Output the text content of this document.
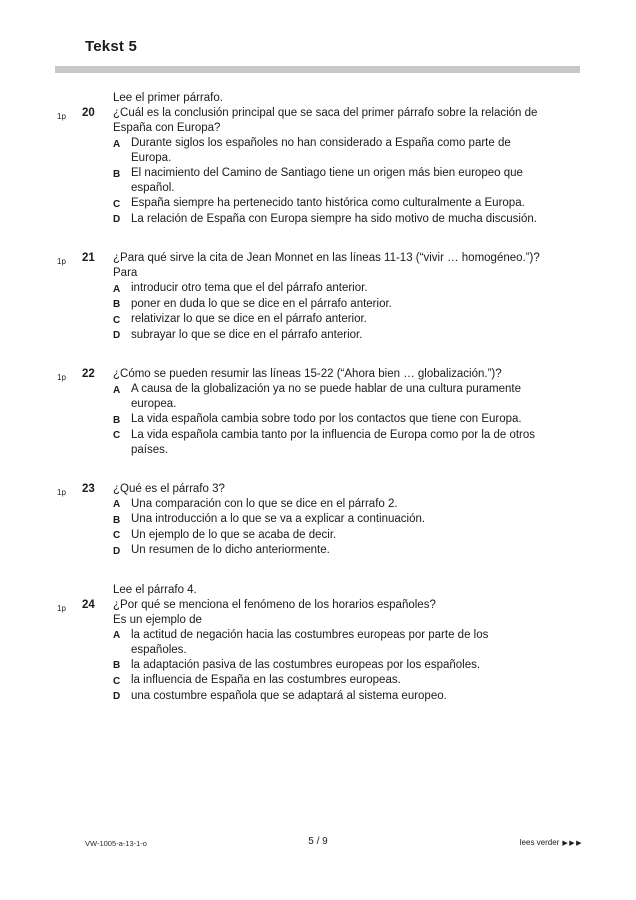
Tekst 5
Lee el primer párrafo.
1p	20	¿Cuál es la conclusión principal que se saca del primer párrafo sobre la relación de España con Europa?
A Durante siglos los españoles no han considerado a España como parte de Europa.
B El nacimiento del Camino de Santiago tiene un origen más bien europeo que español.
C España siempre ha pertenecido tanto histórica como culturalmente a Europa.
D La relación de España con Europa siempre ha sido motivo de mucha discusión.
1p	21	¿Para qué sirve la cita de Jean Monnet en las líneas 11-13 (“vivir … homogéneo.”)?
Para
A introducir otro tema que el del párrafo anterior.
B poner en duda lo que se dice en el párrafo anterior.
C relativizar lo que se dice en el párrafo anterior.
D subrayar lo que se dice en el párrafo anterior.
1p	22	¿Cómo se pueden resumir las líneas 15-22 (“Ahora bien … globalización.”)?
A A causa de la globalización ya no se puede hablar de una cultura puramente europea.
B La vida española cambia sobre todo por los contactos que tiene con Europa.
C La vida española cambia tanto por la influencia de Europa como por la de otros países.
1p	23	¿Qué es el párrafo 3?
A Una comparación con lo que se dice en el párrafo 2.
B Una introducción a lo que se va a explicar a continuación.
C Un ejemplo de lo que se acaba de decir.
D Un resumen de lo dicho anteriormente.
Lee el párrafo 4.
1p	24	¿Por qué se menciona el fenómeno de los horarios españoles?
Es un ejemplo de
A la actitud de negación hacia las costumbres europeas por parte de los españoles.
B la adaptación pasiva de las costumbres europeas por los españoles.
C la influencia de España en las costumbres europeas.
D una costumbre española que se adaptará al sistema europeo.
VW-1005-a-13-1-o	5 / 9	lees verder ▶▶▶
